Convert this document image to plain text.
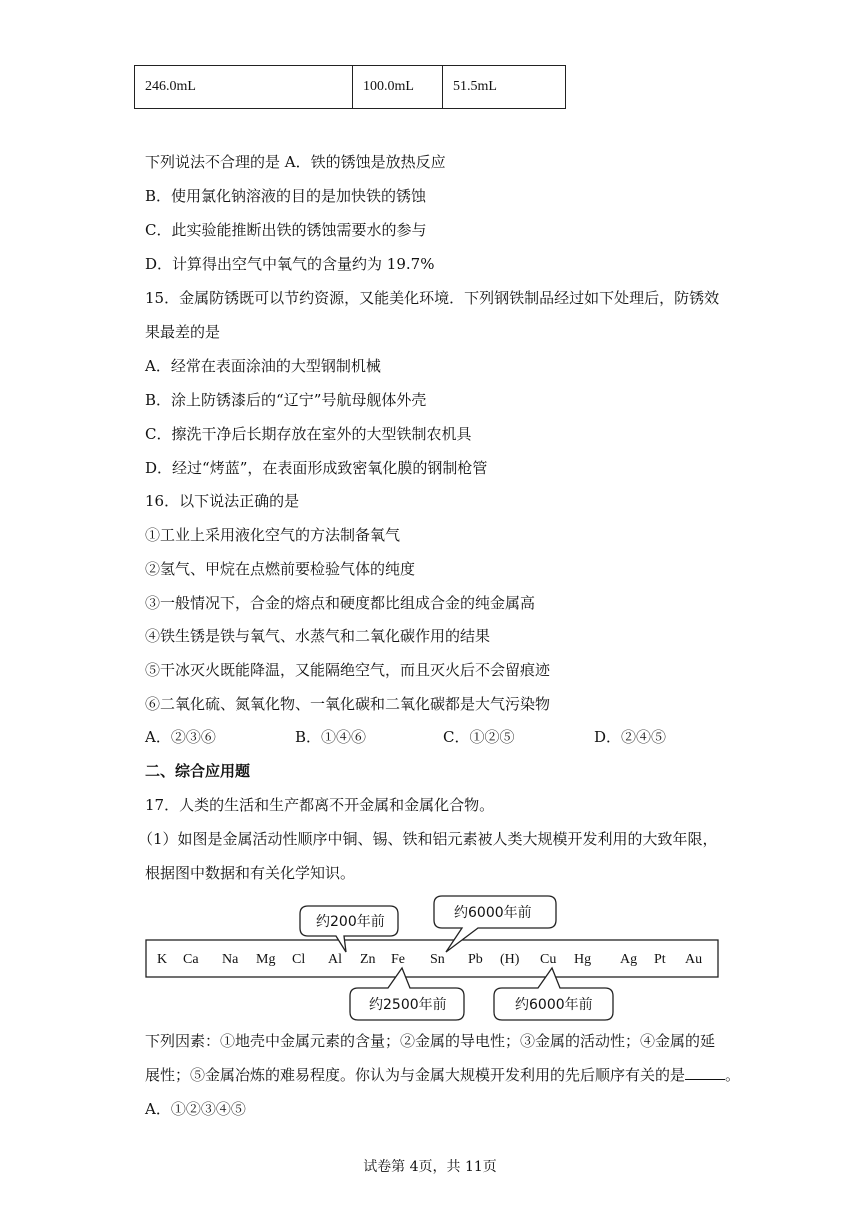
246.0mL	100.0mL	51.5mL
下列说法不合理的是 A．铁的锈蚀是放热反应
B．使用氯化钠溶液的目的是加快铁的锈蚀
C．此实验能推断出铁的锈蚀需要水的参与
D．计算得出空气中氧气的含量约为 19.7%
15．金属防锈既可以节约资源，又能美化环境．下列钢铁制品经过如下处理后，防锈效
果最差的是
A．经常在表面涂油的大型钢制机械
B．涂上防锈漆后的“辽宁”号航母舰体外壳
C．擦洗干净后长期存放在室外的大型铁制农机具
D．经过“烤蓝”，在表面形成致密氧化膜的钢制枪管
16．以下说法正确的是
①工业上采用液化空气的方法制备氧气
②氢气、甲烷在点燃前要检验气体的纯度
③一般情况下，合金的熔点和硬度都比组成合金的纯金属高
④铁生锈是铁与氧气、水蒸气和二氧化碳作用的结果
⑤干冰灭火既能降温，又能隔绝空气，而且灭火后不会留痕迹
⑥二氧化硫、氮氧化物、一氧化碳和二氧化碳都是大气污染物
A．②③⑥	B．①④⑥	C．①②⑤	D．②④⑤
二、综合应用题
17．人类的生活和生产都离不开金属和金属化合物。
（1）如图是金属活动性顺序中铜、锡、铁和铝元素被人类大规模开发利用的大致年限，
根据图中数据和有关化学知识。
K Ca Na Mg Cl Al Zn Fe Sn Pb (H) Cu Hg Ag Pt Au
约200年前
约6000年前
约2500年前	约6000年前
下列因素：①地壳中金属元素的含量；②金属的导电性；③金属的活动性；④金属的延
展性；⑤金属冶炼的难易程度。你认为与金属大规模开发利用的先后顺序有关的是	。
A．①②③④⑤
试卷第 4页，共 11页
